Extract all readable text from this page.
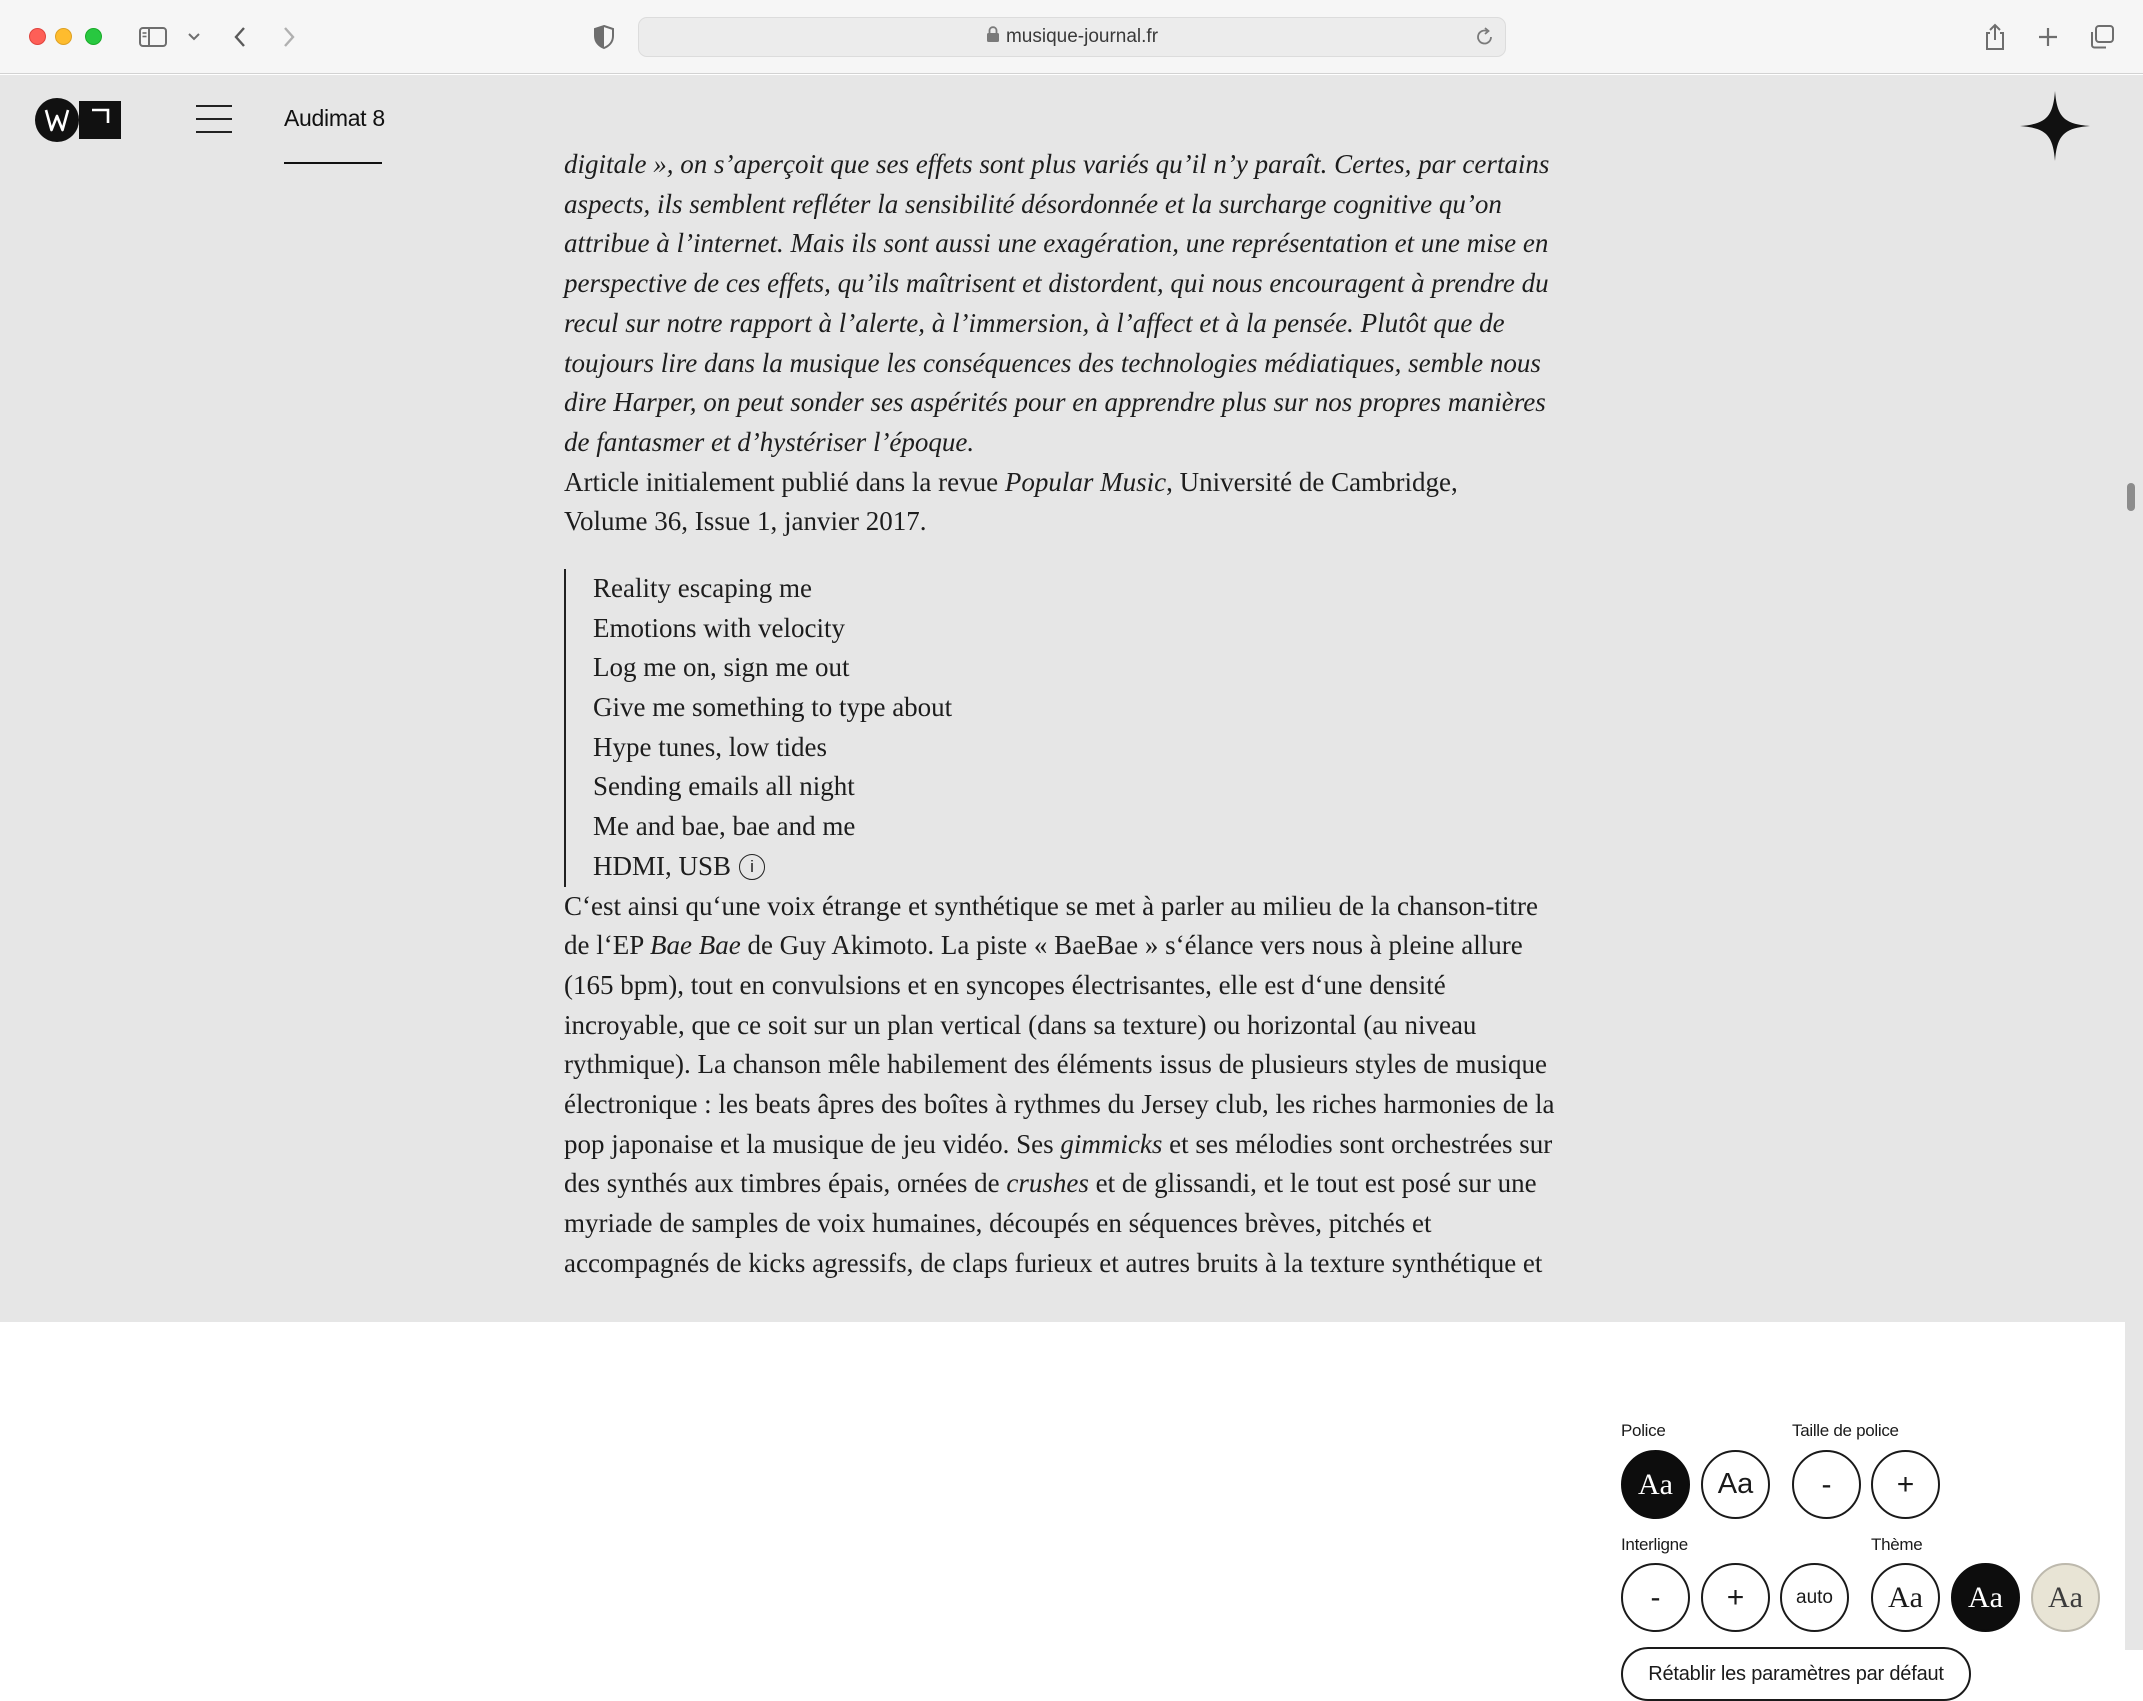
musique-journal.fr

digitale », on s’aperçoit que ses effets sont plus variés qu’il n’y paraît. Certes, par certains
aspects, ils semblent refléter la sensibilité désordonnée et la surcharge cognitive qu’on
attribue à l’internet. Mais ils sont aussi une exagération, une représentation et une mise en
perspective de ces effets, qu’ils maîtrisent et distordent, qui nous encouragent à prendre du
recul sur notre rapport à l’alerte, à l’immersion, à l’affect et à la pensée. Plutôt que de
toujours lire dans la musique les conséquences des technologies médiatiques, semble nous
dire Harper, on peut sonder ses aspérités pour en apprendre plus sur nos propres manières
de fantasmer et d’hystériser l’époque.

Article initialement publié dans la revue Popular Music, Université de Cambridge,
Volume 36, Issue 1, janvier 2017.

Reality escaping me
Emotions with velocity
Log me on, sign me out
Give me something to type about
Hype tunes, low tides
Sending emails all night
Me and bae, bae and me
HDMI, USB i

C‘est ainsi qu‘une voix étrange et synthétique se met à parler au milieu de la chanson-titre
de l‘EP Bae Bae de Guy Akimoto. La piste « BaeBae » s‘élance vers nous à pleine allure
(165 bpm), tout en convulsions et en syncopes électrisantes, elle est d‘une densité
incroyable, que ce soit sur un plan vertical (dans sa texture) ou horizontal (au niveau
rythmique). La chanson mêle habilement des éléments issus de plusieurs styles de musique
électronique : les beats âpres des boîtes à rythmes du Jersey club, les riches harmonies de la
pop japonaise et la musique de jeu vidéo. Ses gimmicks et ses mélodies sont orchestrées sur
des synthés aux timbres épais, ornées de crushes et de glissandi, et le tout est posé sur une
myriade de samples de voix humaines, découpés en séquences brèves, pitchés et
accompagnés de kicks agressifs, de claps furieux et autres bruits à la texture synthétique et

Audimat 8
Police	Taille de police
Aa	Aa	-	+
Interligne	Thème
-	+	auto	Aa	Aa	Aa
Rétablir les paramètres par défaut
